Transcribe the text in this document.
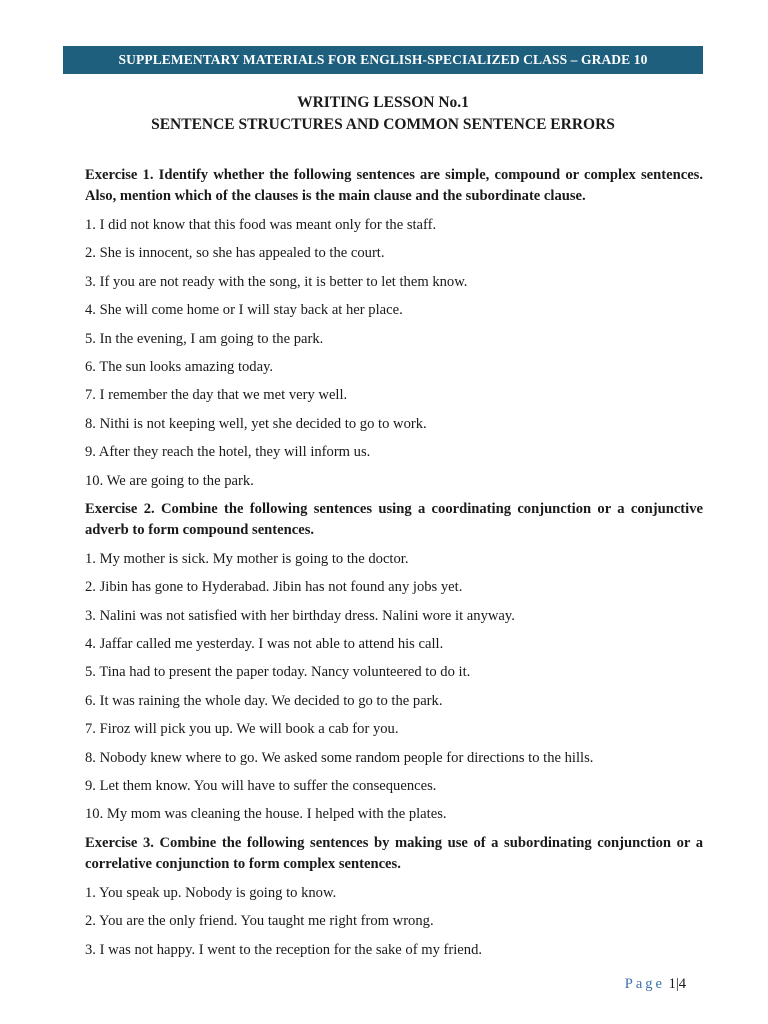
SUPPLEMENTARY MATERIALS FOR ENGLISH-SPECIALIZED CLASS – GRADE 10
WRITING LESSON No.1
SENTENCE STRUCTURES AND COMMON SENTENCE ERRORS

Exercise 1. Identify whether the following sentences are simple, compound or complex sentences. Also, mention which of the clauses is the main clause and the subordinate clause.

1. I did not know that this food was meant only for the staff.
2. She is innocent, so she has appealed to the court.
3. If you are not ready with the song, it is better to let them know.
4. She will come home or I will stay back at her place.
5. In the evening, I am going to the park.
6. The sun looks amazing today.
7. I remember the day that we met very well.
8. Nithi is not keeping well, yet she decided to go to work.
9. After they reach the hotel, they will inform us.
10. We are going to the park.

Exercise 2. Combine the following sentences using a coordinating conjunction or a conjunctive adverb to form compound sentences.

1. My mother is sick. My mother is going to the doctor.
2. Jibin has gone to Hyderabad. Jibin has not found any jobs yet.
3. Nalini was not satisfied with her birthday dress. Nalini wore it anyway.
4. Jaffar called me yesterday. I was not able to attend his call.
5. Tina had to present the paper today. Nancy volunteered to do it.
6. It was raining the whole day. We decided to go to the park.
7. Firoz will pick you up. We will book a cab for you.
8. Nobody knew where to go. We asked some random people for directions to the hills.
9. Let them know. You will have to suffer the consequences.
10. My mom was cleaning the house. I helped with the plates.

Exercise 3. Combine the following sentences by making use of a subordinating conjunction or a correlative conjunction to form complex sentences.

1. You speak up. Nobody is going to know.
2. You are the only friend. You taught me right from wrong.
3. I was not happy. I went to the reception for the sake of my friend.
Page 1|4
